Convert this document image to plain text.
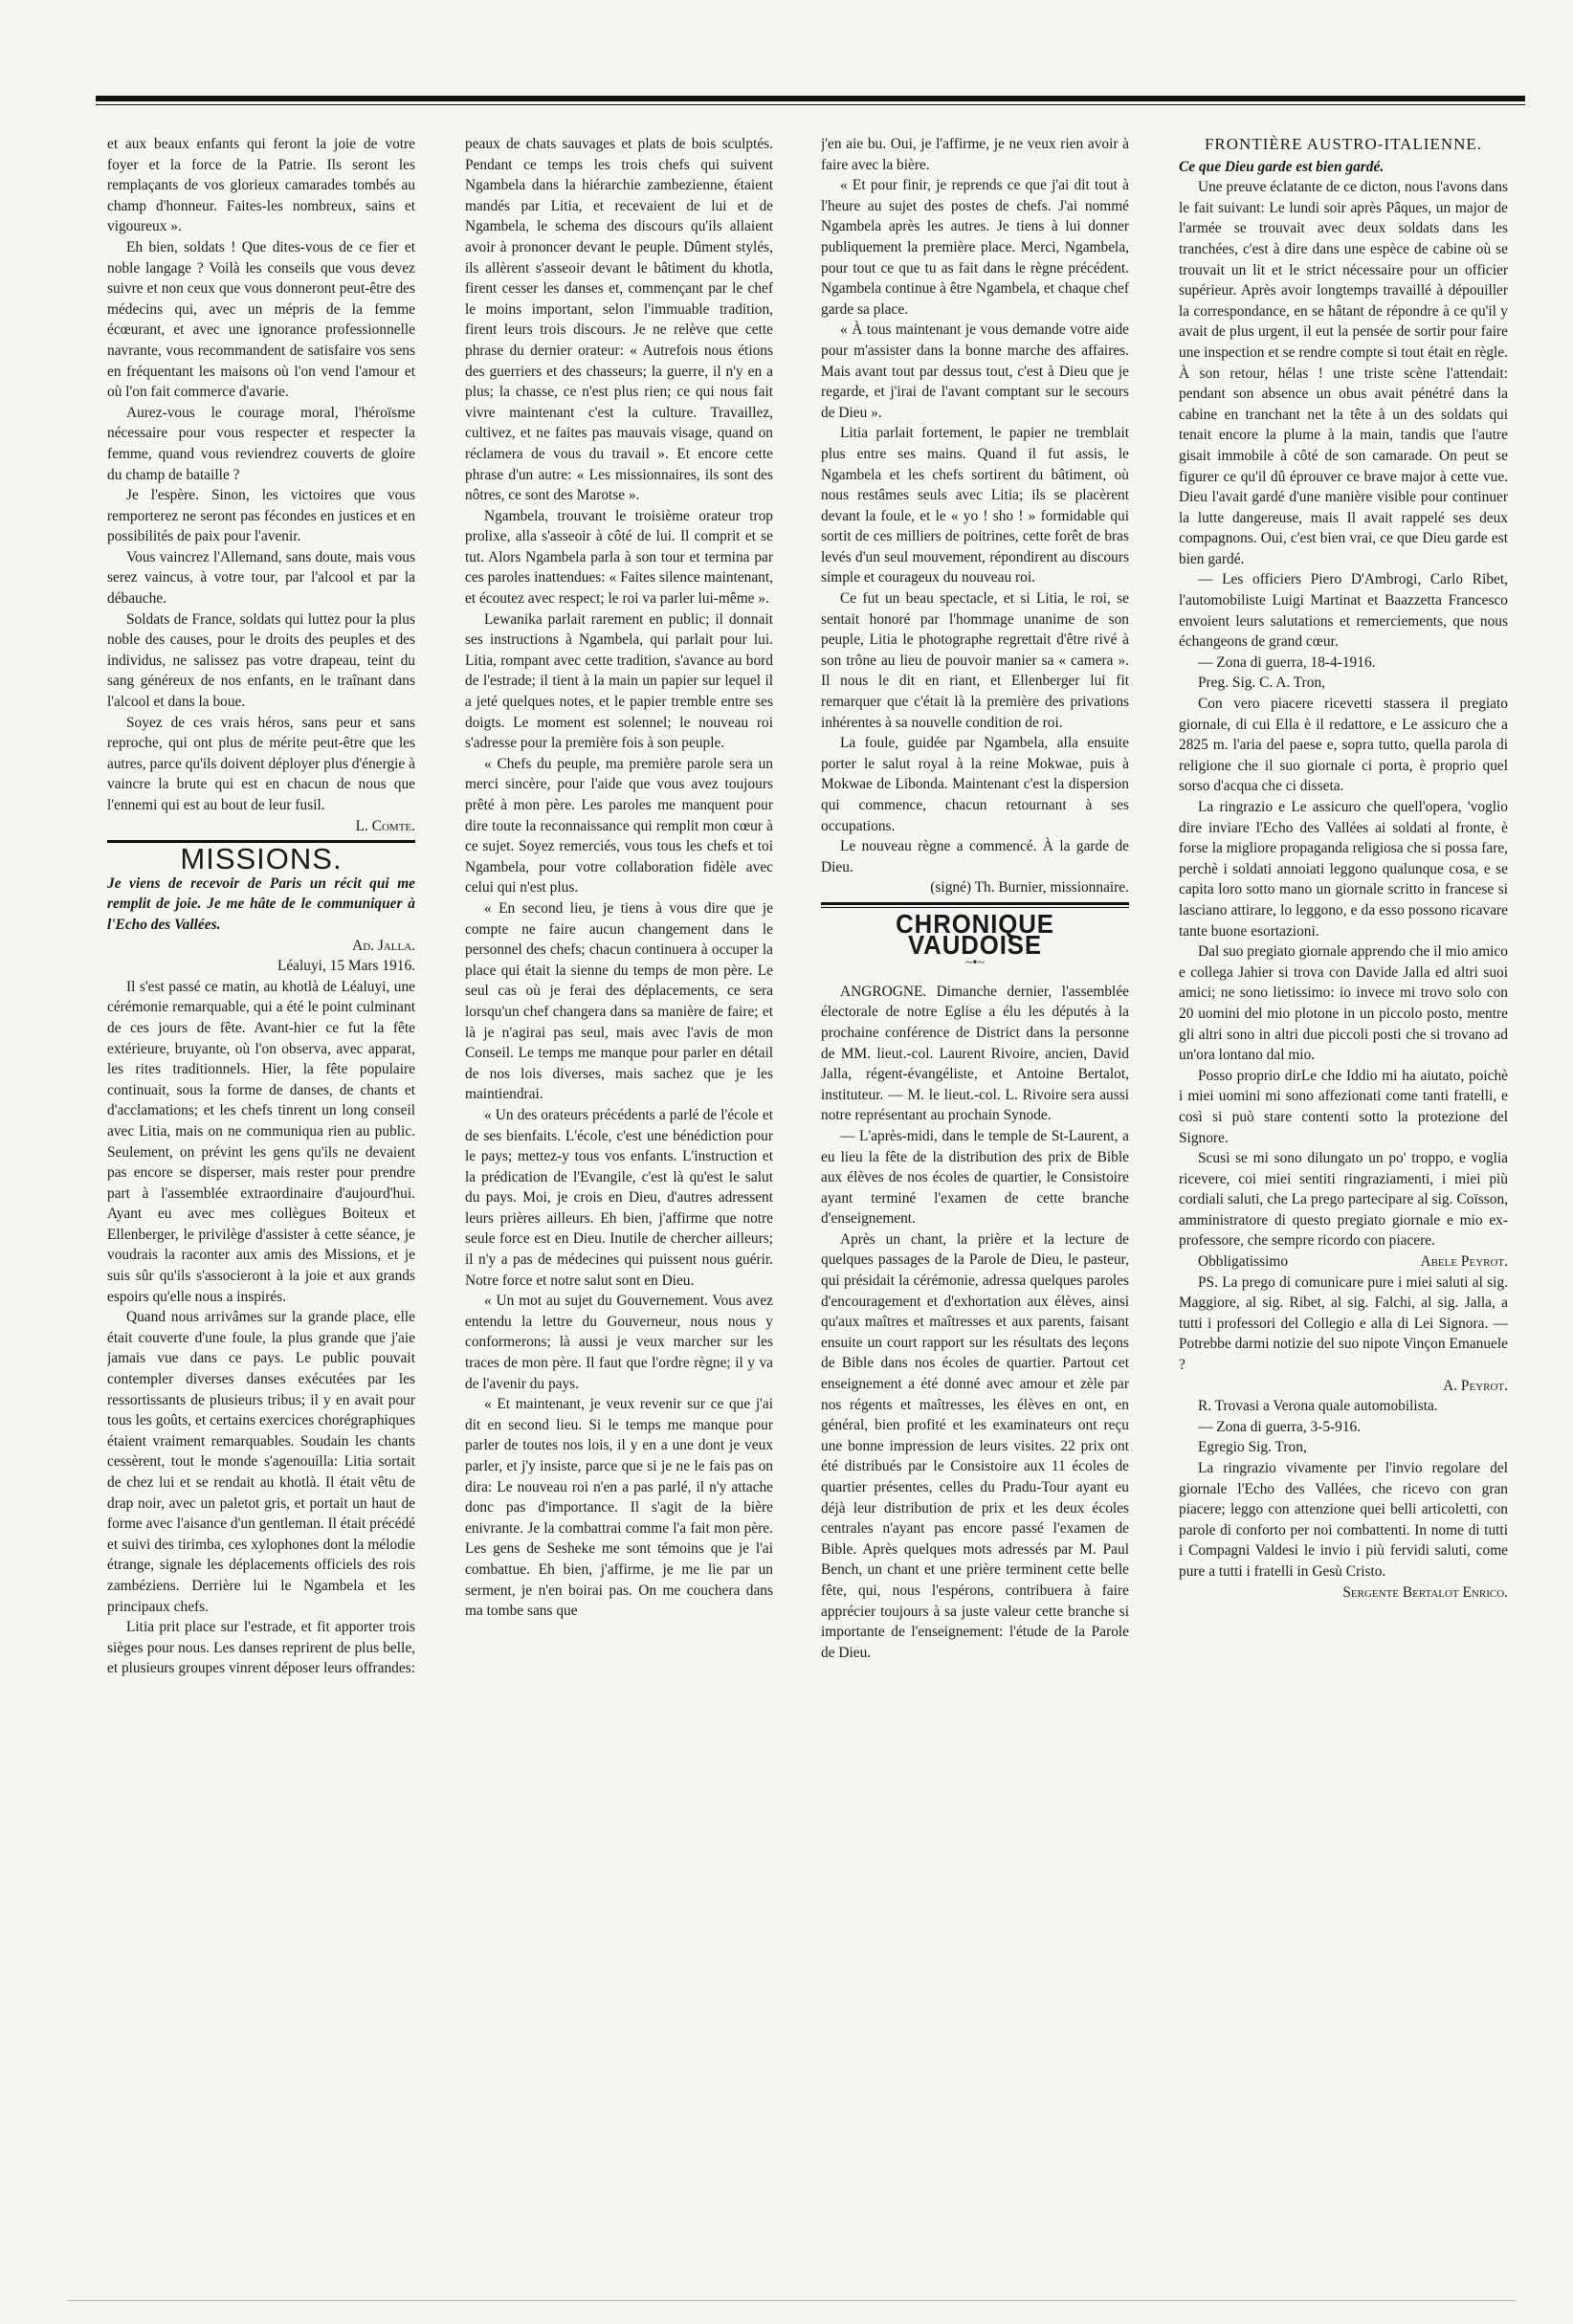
et aux beaux enfants qui feront la joie de votre foyer et la force de la Patrie. Ils seront les remplaçants de vos glorieux camarades tombés au champ d'honneur. Faites-les nombreux, sains et vigoureux ».

Eh bien, soldats ! Que dites-vous de ce fier et noble langage ? Voilà les conseils que vous devez suivre et non ceux que vous donneront peut-être des médecins qui, avec un mépris de la femme écœurant, et avec une ignorance professionnelle navrante, vous recommandent de satisfaire vos sens en fréquentant les maisons où l'on vend l'amour et où l'on fait commerce d'avarie.

Aurez-vous le courage moral, l'héroïsme nécessaire pour vous respecter et respecter la femme, quand vous reviendrez couverts de gloire du champ de bataille ?

Je l'espère. Sinon, les victoires que vous remporterez ne seront pas fécondes en justices et en possibilités de paix pour l'avenir.

Vous vaincrez l'Allemand, sans doute, mais vous serez vaincus, à votre tour, par l'alcool et par la débauche.

Soldats de France, soldats qui luttez pour la plus noble des causes, pour le droits des peuples et des individus, ne salissez pas votre drapeau, teint du sang généreux de nos enfants, en le traînant dans l'alcool et dans la boue.

Soyez de ces vrais héros, sans peur et sans reproche, qui ont plus de mérite peut-être que les autres, parce qu'ils doivent déployer plus d'énergie à vaincre la brute qui est en chacun de nous que l'ennemi qui est au bout de leur fusil.

L. Comte.
MISSIONS.

Je viens de recevoir de Paris un récit qui me remplit de joie. Je me hâte de le communiquer à l'Echo des Vallées.

Ad. Jalla.
Léaluyi, 15 Mars 1916.

Il s'est passé ce matin, au khotlà de Léaluyi, une cérémonie remarquable, qui a été le point culminant de ces jours de fête. Avant-hier ce fut la fête extérieure, bruyante, où l'on observa, avec apparat, les rites traditionnels. Hier, la fête populaire continuait, sous la forme de danses, de chants et d'acclamations; et les chefs tinrent un long conseil avec Litia, mais on ne communiqua rien au public. Seulement, on prévint les gens qu'ils ne devaient pas encore se disperser, mais rester pour prendre part à l'assemblée extraordinaire d'aujourd'hui. Ayant eu avec mes collègues Boiteux et Ellenberger, le privilège d'assister à cette séance, je voudrais la raconter aux amis des Missions, et je suis sûr qu'ils s'associeront à la joie et aux grands espoirs qu'elle nous a inspirés.

Quand nous arrivâmes sur la grande place, elle était couverte d'une foule, la plus grande que j'aie jamais vue dans ce pays. Le public pouvait contempler diverses danses exécutées par les ressortissants de plusieurs tribus; il y en avait pour tous les goûts, et certains exercices chorégraphiques étaient vraiment remarquables. Soudain les chants cessèrent, tout le monde s'agenouilla: Litia sortait de chez lui et se rendait au khotlà. Il était vêtu de drap noir, avec un paletot gris, et portait un haut de forme avec l'aisance d'un gentleman. Il était précédé et suivi des tirimba, ces xylophones dont la mélodie étrange, signale les déplacements officiels des rois zambéziens. Derrière lui le Ngambela et les principaux chefs.

Litia prit place sur l'estrade, et fit apporter trois sièges pour nous. Les danses reprirent de plus belle, et plusieurs groupes vinrent déposer leurs offrandes:

peaux de chats sauvages et plats de bois sculptés. Pendant ce temps les trois chefs qui suivent Ngambela dans la hiérarchie zambezienne, étaient mandés par Litia, et recevaient de lui et de Ngambela, le schema des discours qu'ils allaient avoir à prononcer devant le peuple. Dûment stylés, ils allèrent s'asseoir devant le bâtiment du khotla, firent cesser les danses et, commençant par le chef le moins important, selon l'immuable tradition, firent leurs trois discours. Je ne relève que cette phrase du dernier orateur: « Autrefois nous étions des guerriers et des chasseurs; la guerre, il n'y en a plus; la chasse, ce n'est plus rien; ce qui nous fait vivre maintenant c'est la culture. Travaillez, cultivez, et ne faites pas mauvais visage, quand on réclamera de vous du travail ». Et encore cette phrase d'un autre: « Les missionnaires, ils sont des nôtres, ce sont des Marotse ».

Ngambela, trouvant le troisième orateur trop prolixe, alla s'asseoir à côté de lui. Il comprit et se tut. Alors Ngambela parla à son tour et termina par ces paroles inattendues: « Faites silence maintenant, et écoutez avec respect; le roi va parler lui-même ».

Lewanika parlait rarement en public; il donnait ses instructions à Ngambela, qui parlait pour lui. Litia, rompant avec cette tradition, s'avance au bord de l'estrade; il tient à la main un papier sur lequel il a jeté quelques notes, et le papier tremble entre ses doigts. Le moment est solennel; le nouveau roi s'adresse pour la première fois à son peuple.

« Chefs du peuple, ma première parole sera un merci sincère, pour l'aide que vous avez toujours prêté à mon père. Les paroles me manquent pour dire toute la reconnaissance qui remplit mon cœur à ce sujet. Soyez remerciés, vous tous les chefs et toi Ngambela, pour votre collaboration fidèle avec celui qui n'est plus.

« En second lieu, je tiens à vous dire que je compte ne faire aucun changement dans le personnel des chefs; chacun continuera à occuper la place qui était la sienne du temps de mon père. Le seul cas où je ferai des déplacements, ce sera lorsqu'un chef changera dans sa manière de faire; et là je n'agirai pas seul, mais avec l'avis de mon Conseil. Le temps me manque pour parler en détail de nos lois diverses, mais sachez que je les maintiendrai.

« Un des orateurs précédents a parlé de l'école et de ses bienfaits. L'école, c'est une bénédiction pour le pays; mettez-y tous vos enfants. L'instruction et la prédication de l'Evangile, c'est là qu'est le salut du pays. Moi, je crois en Dieu, d'autres adressent leurs prières ailleurs. Eh bien, j'affirme que notre seule force est en Dieu. Inutile de chercher ailleurs; il n'y a pas de médecines qui puissent nous guérir. Notre force et notre salut sont en Dieu.

« Un mot au sujet du Gouvernement. Vous avez entendu la lettre du Gouverneur, nous nous y conformerons; là aussi je veux marcher sur les traces de mon père. Il faut que l'ordre règne; il y va de l'avenir du pays.

« Et maintenant, je veux revenir sur ce que j'ai dit en second lieu. Si le temps me manque pour parler de toutes nos lois, il y en a une dont je veux parler, et j'y insiste, parce que si je ne le fais pas on dira: Le nouveau roi n'en a pas parlé, il n'y attache donc pas d'importance. Il s'agit de la bière enivrante. Je la combattrai comme l'a fait mon père. Les gens de Sesheke me sont témoins que je l'ai combattue. Eh bien, j'affirme, je me lie par un serment, je n'en boirai pas. On me couchera dans ma tombe sans que

j'en aie bu. Oui, je l'affirme, je ne veux rien avoir à faire avec la bière.

« Et pour finir, je reprends ce que j'ai dit tout à l'heure au sujet des postes de chefs. J'ai nommé Ngambela après les autres. Je tiens à lui donner publiquement la première place. Merci, Ngambela, pour tout ce que tu as fait dans le règne précédent. Ngambela continue à être Ngambela, et chaque chef garde sa place.

« À tous maintenant je vous demande votre aide pour m'assister dans la bonne marche des affaires. Mais avant tout par dessus tout, c'est à Dieu que je regarde, et j'irai de l'avant comptant sur le secours de Dieu ».

Litia parlait fortement, le papier ne tremblait plus entre ses mains. Quand il fut assis, le Ngambela et les chefs sortirent du bâtiment, où nous restâmes seuls avec Litia; ils se placèrent devant la foule, et le « yo ! sho ! » formidable qui sortit de ces milliers de poitrines, cette forêt de bras levés d'un seul mouvement, répondirent au discours simple et courageux du nouveau roi.

Ce fut un beau spectacle, et si Litia, le roi, se sentait honoré par l'hommage unanime de son peuple, Litia le photographe regrettait d'être rivé à son trône au lieu de pouvoir manier sa « camera ». Il nous le dit en riant, et Ellenberger lui fit remarquer que c'était là la première des privations inhérentes à sa nouvelle condition de roi.

La foule, guidée par Ngambela, alla ensuite porter le salut royal à la reine Mokwae, puis à Mokwae de Libonda. Maintenant c'est la dispersion qui commence, chacun retournant à ses occupations.

Le nouveau règne a commencé. À la garde de Dieu.

(signé) Th. Burnier, missionnaire.
CHRONIQUE VAUDOISE
~•~

ANGROGNE. Dimanche dernier, l'assemblée électorale de notre Eglise a élu les députés à la prochaine conférence de District dans la personne de MM. lieut.-col. Laurent Rivoire, ancien, David Jalla, régent-évangéliste, et Antoine Bertalot, instituteur. — M. le lieut.-col. L. Rivoire sera aussi notre représentant au prochain Synode.

— L'après-midi, dans le temple de St-Laurent, a eu lieu la fête de la distribution des prix de Bible aux élèves de nos écoles de quartier, le Consistoire ayant terminé l'examen de cette branche d'enseignement.

Après un chant, la prière et la lecture de quelques passages de la Parole de Dieu, le pasteur, qui présidait la cérémonie, adressa quelques paroles d'encouragement et d'exhortation aux élèves, ainsi qu'aux maîtres et maîtresses et aux parents, faisant ensuite un court rapport sur les résultats des leçons de Bible dans nos écoles de quartier. Partout cet enseignement a été donné avec amour et zèle par nos régents et maîtresses, les élèves en ont, en général, bien profité et les examinateurs ont reçu une bonne impression de leurs visites. 22 prix ont été distribués par le Consistoire aux 11 écoles de quartier présentes, celles du Pradu-Tour ayant eu déjà leur distribution de prix et les deux écoles centrales n'ayant pas encore passé l'examen de Bible. Après quelques mots adressés par M. Paul Bench, un chant et une prière terminent cette belle fête, qui, nous l'espérons, contribuera à faire apprécier toujours à sa juste valeur cette branche si importante de l'enseignement: l'étude de la Parole de Dieu.

FRONTIÈRE AUSTRO-ITALIENNE.

Ce que Dieu garde est bien gardé.

Une preuve éclatante de ce dicton, nous l'avons dans le fait suivant: Le lundi soir après Pâques, un major de l'armée se trouvait avec deux soldats dans les tranchées, c'est à dire dans une espèce de cabine où se trouvait un lit et le strict nécessaire pour un officier supérieur. Après avoir longtemps travaillé à dépouiller la correspondance, en se hâtant de répondre à ce qu'il y avait de plus urgent, il eut la pensée de sortir pour faire une inspection et se rendre compte si tout était en règle. À son retour, hélas ! une triste scène l'attendait: pendant son absence un obus avait pénétré dans la cabine en tranchant net la tête à un des soldats qui tenait encore la plume à la main, tandis que l'autre gisait immobile à côté de son camarade. On peut se figurer ce qu'il dû éprouver ce brave major à cette vue. Dieu l'avait gardé d'une manière visible pour continuer la lutte dangereuse, mais Il avait rappelé ses deux compagnons. Oui, c'est bien vrai, ce que Dieu garde est bien gardé.

— Les officiers Piero D'Ambrogi, Carlo Ribet, l'automobiliste Luigi Martinat et Baazzetta Francesco envoient leurs salutations et remerciements, que nous échangeons de grand cœur.

— Zona di guerra, 18-4-1916.

Preg. Sig. C. A. Tron,

Con vero piacere ricevetti stassera il pregiato giornale, di cui Ella è il redattore, e Le assicuro che a 2825 m. l'aria del paese e, sopra tutto, quella parola di religione che il suo giornale ci porta, è proprio quel sorso d'acqua che ci disseta.

La ringrazio e Le assicuro che quell'opera, 'voglio dire inviare l'Echo des Vallées ai soldati al fronte, è forse la migliore propaganda religiosa che si possa fare, perchè i soldati annoiati leggono qualunque cosa, e se capita loro sotto mano un giornale scritto in francese si lasciano attirare, lo leggono, e da esso possono ricavare tante buone esortazioni.

Dal suo pregiato giornale apprendo che il mio amico e collega Jahier si trova con Davide Jalla ed altri suoi amici; ne sono lietissimo: io invece mi trovo solo con 20 uomini del mio plotone in un piccolo posto, mentre gli altri sono in altri due piccoli posti che si trovano ad un'ora lontano dal mio.

Posso proprio dirLe che Iddio mi ha aiutato, poichè i miei uomini mi sono affezionati come tanti fratelli, e così si può stare contenti sotto la protezione del Signore.

Scusi se mi sono dilungato un po' troppo, e voglia ricevere, coi miei sentiti ringraziamenti, i miei più cordiali saluti, che La prego partecipare al sig. Coïsson, amministratore di questo pregiato giornale e mio ex-professore, che sempre ricordo con piacere.

Obbligatissimo	Abele Peyrot.

PS. La prego di comunicare pure i miei saluti al sig. Maggiore, al sig. Ribet, al sig. Falchi, al sig. Jalla, a tutti i professori del Collegio e alla di Lei Signora. — Potrebbe darmi notizie del suo nipote Vinçon Emanuele ?

A. Peyrot.

R. Trovasi a Verona quale automobilista.

— Zona di guerra, 3-5-916.

Egregio Sig. Tron,

La ringrazio vivamente per l'invio regolare del giornale l'Echo des Vallées, che ricevo con gran piacere; leggo con attenzione quei belli articoletti, con parole di conforto per noi combattenti. In nome di tutti i Compagni Valdesi le invio i più fervidi saluti, come pure a tutti i fratelli in Gesù Cristo.

Sergente Bertalot Enrico.
